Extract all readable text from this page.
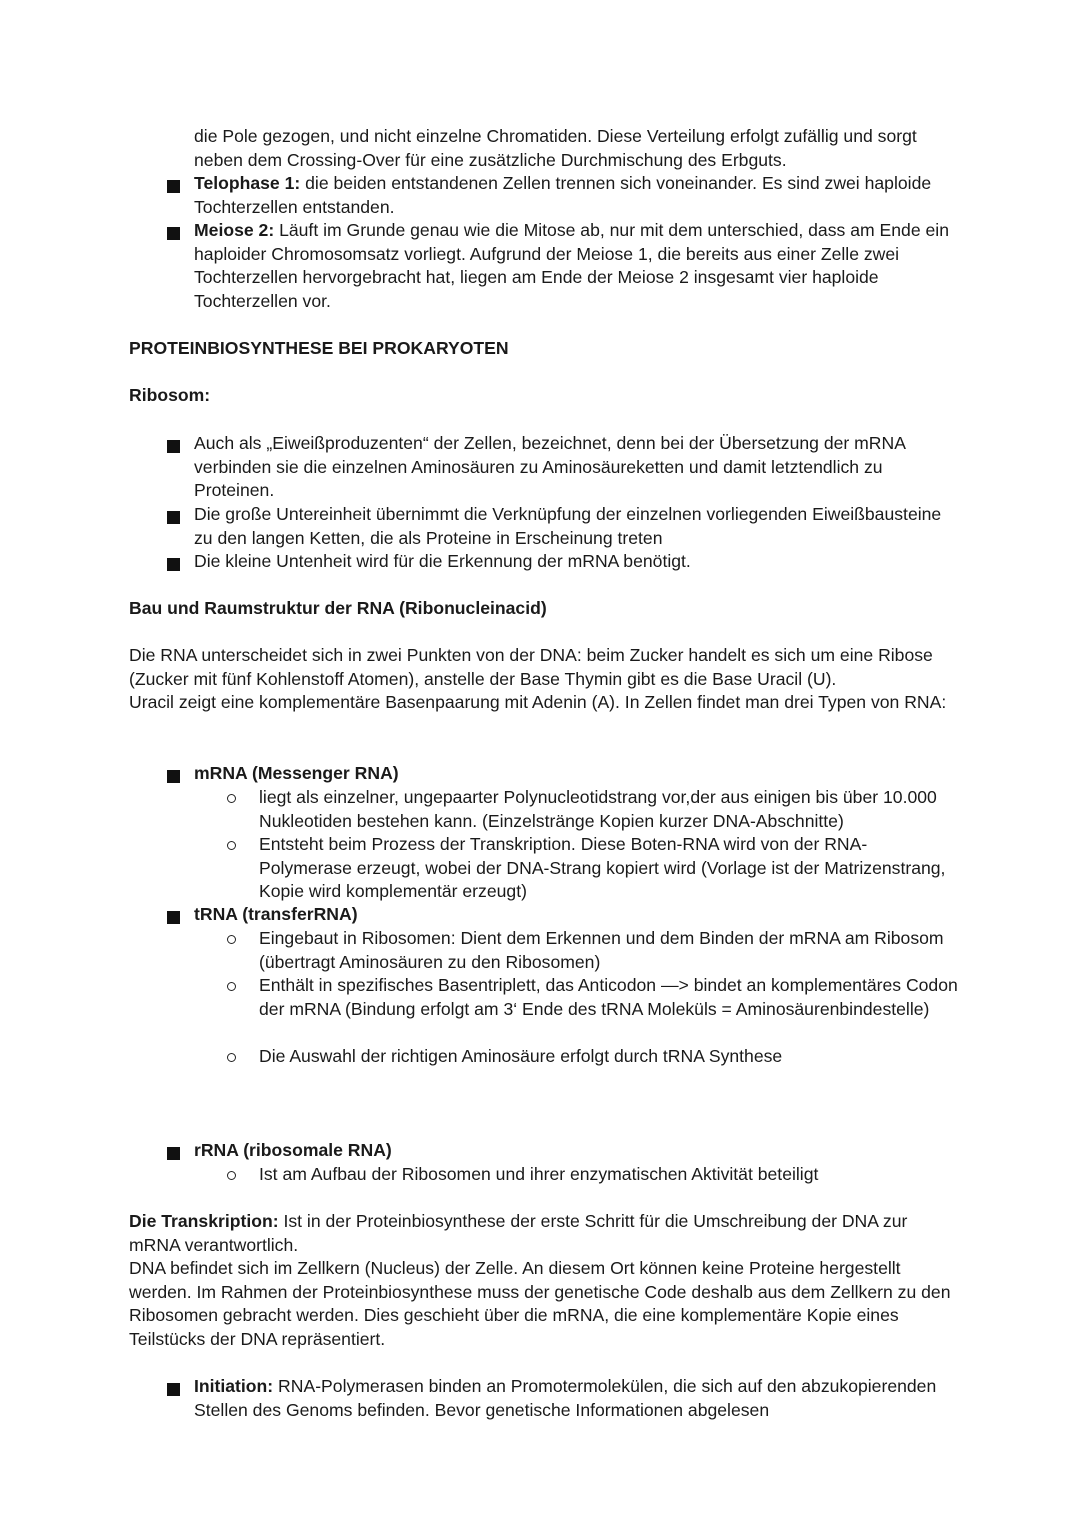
die Pole gezogen, und nicht einzelne Chromatiden. Diese Verteilung erfolgt zufällig und sorgt neben dem Crossing-Over für eine zusätzliche Durchmischung des Erbguts.

Telophase 1: die beiden entstandenen Zellen trennen sich voneinander. Es sind zwei haploide Tochterzellen entstanden.

Meiose 2: Läuft im Grunde genau wie die Mitose ab, nur mit dem unterschied, dass am Ende ein haploider Chromosomsatz vorliegt. Aufgrund der Meiose 1, die bereits aus einer Zelle zwei Tochterzellen hervorgebracht hat, liegen am Ende der Meiose 2 insgesamt vier haploide Tochterzellen vor.

PROTEINBIOSYNTHESE BEI PROKARYOTEN

Ribosom:

Auch als „Eiweißproduzenten“ der Zellen, bezeichnet, denn bei der Übersetzung der mRNA verbinden sie die einzelnen Aminosäuren zu Aminosäureketten und damit letztendlich zu Proteinen.

Die große Untereinheit übernimmt die Verknüpfung der einzelnen vorliegenden Eiweißbausteine zu den langen Ketten, die als Proteine in Erscheinung treten

Die kleine Untenheit wird für die Erkennung der mRNA benötigt.

Bau und Raumstruktur der RNA (Ribonucleinacid)

Die RNA unterscheidet sich in zwei Punkten von der DNA: beim Zucker handelt es sich um eine Ribose (Zucker mit fünf Kohlenstoff Atomen), anstelle der Base Thymin gibt es die Base Uracil (U).

Uracil zeigt eine komplementäre Basenpaarung mit Adenin (A). In Zellen findet man drei Typen von RNA:

mRNA (Messenger RNA)

liegt als einzelner, ungepaarter Polynucleotidstrang vor,der aus einigen bis über 10.000 Nukleotiden bestehen kann. (Einzelstränge Kopien kurzer DNA-Abschnitte)

Entsteht beim Prozess der Transkription. Diese Boten-RNA wird von der RNA-Polymerase erzeugt, wobei der DNA-Strang kopiert wird (Vorlage ist der Matrizenstrang, Kopie wird komplementär erzeugt)

tRNA (transferRNA)

Eingebaut in Ribosomen: Dient dem Erkennen und dem Binden der mRNA am Ribosom (übertragt Aminosäuren zu den Ribosomen)

Enthält in spezifisches Basentriplett, das Anticodon —> bindet an komplementäres Codon der mRNA (Bindung erfolgt am 3‘ Ende des tRNA Moleküls = Aminosäurenbindestelle)

Die Auswahl der richtigen Aminosäure erfolgt durch tRNA Synthese

rRNA (ribosomale RNA)

Ist am Aufbau der Ribosomen und ihrer enzymatischen Aktivität beteiligt

Die Transkription: Ist in der Proteinbiosynthese der erste Schritt für die Umschreibung der DNA zur mRNA verantwortlich.

DNA befindet sich im Zellkern (Nucleus) der Zelle. An diesem Ort können keine Proteine hergestellt werden. Im Rahmen der Proteinbiosynthese muss der genetische Code deshalb aus dem Zellkern zu den Ribosomen gebracht werden. Dies geschieht über die mRNA, die eine komplementäre Kopie eines Teilstücks der DNA repräsentiert.

Initiation: RNA-Polymerasen binden an Promotermolekülen, die sich auf den abzukopierenden Stellen des Genoms befinden. Bevor genetische Informationen abgelesen
